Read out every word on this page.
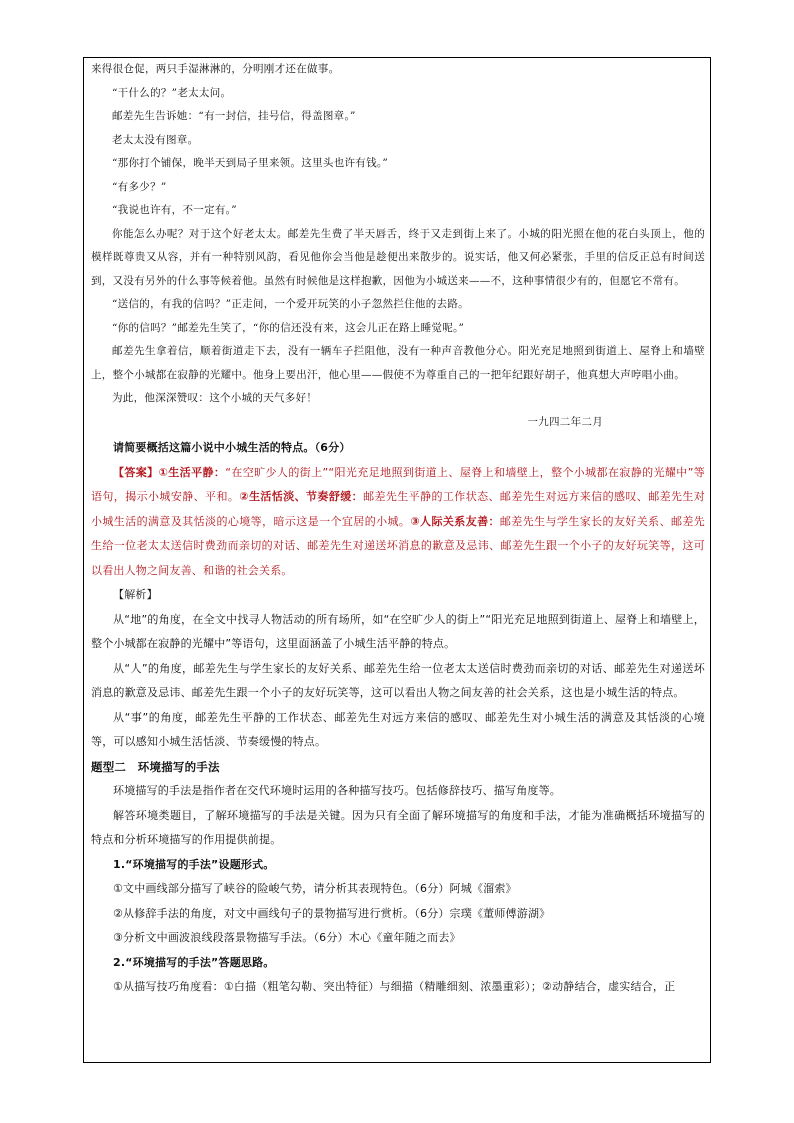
来得很仓促，两只手湿淋淋的，分明刚才还在做事。

“干什么的？”老太太问。

邮差先生告诉她：“有一封信，挂号信，得盖图章。”

老太太没有图章。

“那你打个铺保，晚半天到局子里来领。这里头也许有钱。”

“有多少？”

“我说也许有，不一定有。”

你能怎么办呢？对于这个好老太太。邮差先生费了半天唇舌，终于又走到街上来了。小城的阳光照在他的花白头顶上，他的模样既尊贵又从容，并有一种特别风韵，看见他你会当他是趁便出来散步的。说实话，他又何必紧张，手里的信反正总有时间送到，又没有另外的什么事等候着他。虽然有时候他是这样抱歉，因他为小城送来——不，这种事情很少有的，但愿它不常有。

“送信的，有我的信吗？”正走间，一个爱开玩笑的小子忽然拦住他的去路。

“你的信吗？”邮差先生笑了，“你的信还没有来，这会儿正在路上睡觉呢。”

邮差先生拿着信，顺着街道走下去，没有一辆车子拦阻他，没有一种声音教他分心。阳光充足地照到街道上、屋脊上和墙壁上，整个小城都在寂静的光耀中。他身上要出汗，他心里——假使不为尊重自己的一把年纪跟好胡子，他真想大声哼唱小曲。

为此，他深深赞叹：这个小城的天气多好！

一九四二年二月

请简要概括这篇小说中小城生活的特点。（6分）

【答案】①生活平静：“在空旷少人的街上”“阳光充足地照到街道上、屋脊上和墙壁上，整个小城都在寂静的光耀中”等语句，揭示小城安静、平和。②生活恬淡、节奏舒缓：邮差先生平静的工作状态、邮差先生对远方来信的感叹、邮差先生对小城生活的满意及其恬淡的心境等，暗示这是一个宜居的小城。③人际关系友善：邮差先生与学生家长的友好关系、邮差先生给一位老太太送信时费劲而亲切的对话、邮差先生对递送坏消息的歉意及忌讳、邮差先生跟一个小子的友好玩笑等，这可以看出人物之间友善、和谐的社会关系。

【解析】

从“地”的角度，在全文中找寻人物活动的所有场所，如“在空旷少人的街上”“阳光充足地照到街道上、屋脊上和墙壁上，整个小城都在寂静的光耀中”等语句，这里面涵盖了小城生活平静的特点。

从“人”的角度，邮差先生与学生家长的友好关系、邮差先生给一位老太太送信时费劲而亲切的对话、邮差先生对递送坏消息的歉意及忌讳、邮差先生跟一个小子的友好玩笑等，这可以看出人物之间友善的社会关系，这也是小城生活的特点。

从“事”的角度，邮差先生平静的工作状态、邮差先生对远方来信的感叹、邮差先生对小城生活的满意及其恬淡的心境等，可以感知小城生活恬淡、节奏缓慢的特点。

题型二　环境描写的手法

环境描写的手法是指作者在交代环境时运用的各种描写技巧。包括修辞技巧、描写角度等。

解答环境类题目，了解环境描写的手法是关键。因为只有全面了解环境描写的角度和手法，才能为准确概括环境描写的特点和分析环境描写的作用提供前提。

1.“环境描写的手法”设题形式。

①文中画线部分描写了峡谷的险峻气势，请分析其表现特色。（6分）阿城《溜索》

②从修辞手法的角度，对文中画线句子的景物描写进行赏析。（6分）宗璞《董师傅游湖》

③分析文中画波浪线段落景物描写手法。（6分）木心《童年随之而去》

2.“环境描写的手法”答题思路。

①从描写技巧角度看：①白描（粗笔勾勒、突出特征）与细描（精雕细刻、浓墨重彩）；②动静结合，虚实结合，正
